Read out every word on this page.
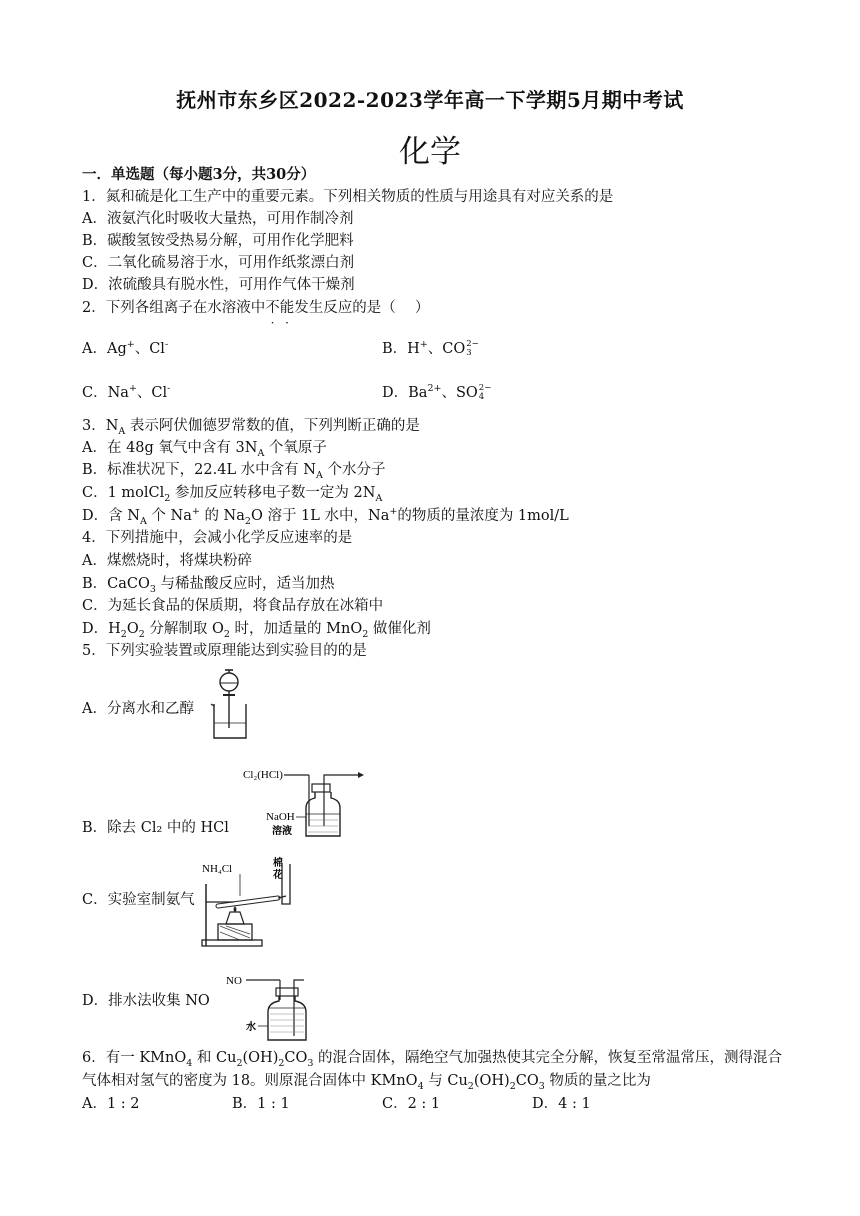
抚州市东乡区2022-2023学年高一下学期5月期中考试
化学
一．单选题（每小题3分，共30分）
1．氮和硫是化工生产中的重要元素。下列相关物质的性质与用途具有对应关系的是
A．液氨汽化时吸收大量热，可用作制冷剂
B．碳酸氢铵受热易分解，可用作化学肥料
C．二氧化硫易溶于水，可用作纸浆漂白剂
D．浓硫酸具有脱水性，可用作气体干燥剂
2．下列各组离子在水溶液中不能发生反应的是（　 ）
A．Ag+、Cl-	B．H+、CO 2−
3
C．Na+、Cl-	D．$Ba^{2+}$、SO 2−
4
3．$N_A$ 表示阿伏伽德罗常数的值，下列判断正确的是
A．在 48g 氧气中含有 $3N_A$ 个氧原子
B．标准状况下，22.4L 水中含有 $N_A$ 个水分子
C．1 molCl$_2$ 参加反应转移电子数一定为 $2N_A$
D．含 $N_A$ 个 Na+ 的 $Na_2O$ 溶于 1L 水中，Na+的物质的量浓度为 1mol/L
4．下列措施中，会减小化学反应速率的是
A．煤燃烧时，将煤块粉碎
B．CaCO$_3$ 与稀盐酸反应时，适当加热
C．为延长食品的保质期，将食品存放在冰箱中
D．$H_2O_2$ 分解制取 $O_2$ 时，加适量的 MnO$_2$ 做催化剂
5．下列实验装置或原理能达到实验目的的是
A．分离水和乙醇
B．除去 Cl₂ 中的 HCl
Cl₂(HCl)
NaOH
溶液
C．实验室制氨气
NH₄Cl	棉
花
D．排水法收集 NO
NO
水
6．有一 KMnO$_4$ 和 $Cu_2(OH)_2CO_3$ 的混合固体，隔绝空气加强热使其完全分解，恢复至常温常压，测得混合
气体相对氢气的密度为 18。则原混合固体中 KMnO$_4$ 与 $Cu_2(OH)_2CO_3$ 物质的量之比为
A．1 : 2	B．1 : 1	C．2 : 1	D．4 : 1
